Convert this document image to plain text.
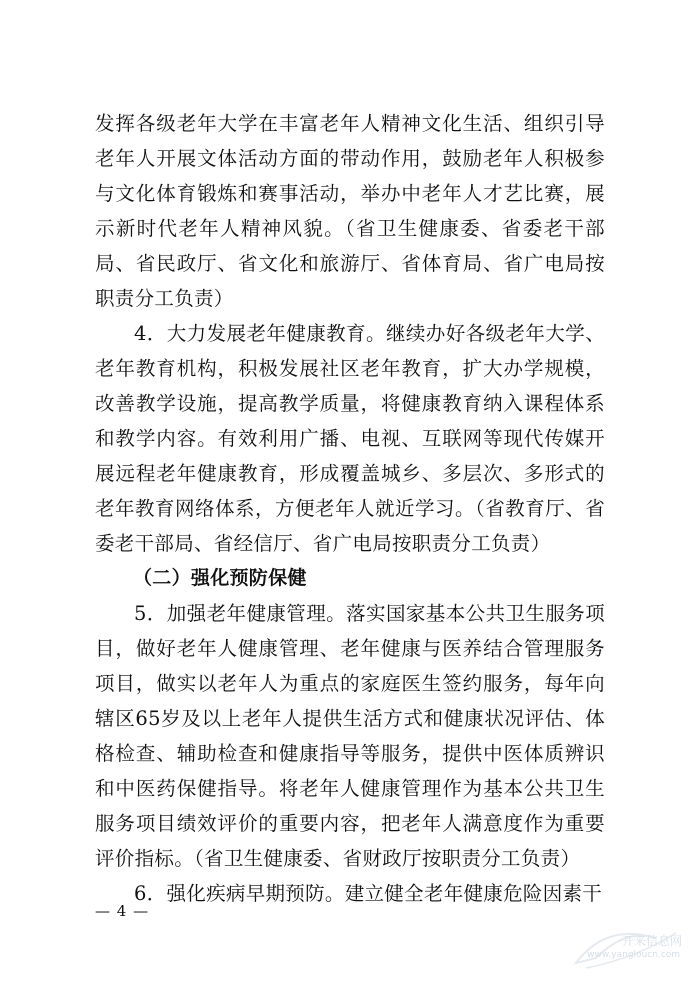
发挥各级老年大学在丰富老年人精神文化生活、组织引导老年人开展文体活动方面的带动作用，鼓励老年人积极参与文化体育锻炼和赛事活动，举办中老年人才艺比赛，展示新时代老年人精神风貌。（省卫生健康委、省委老干部局、省民政厅、省文化和旅游厅、省体育局、省广电局按职责分工负责）

4．大力发展老年健康教育。继续办好各级老年大学、老年教育机构，积极发展社区老年教育，扩大办学规模，改善教学设施，提高教学质量，将健康教育纳入课程体系和教学内容。有效利用广播、电视、互联网等现代传媒开展远程老年健康教育，形成覆盖城乡、多层次、多形式的老年教育网络体系，方便老年人就近学习。（省教育厅、省委老干部局、省经信厅、省广电局按职责分工负责）

（二）强化预防保健

5．加强老年健康管理。落实国家基本公共卫生服务项目，做好老年人健康管理、老年健康与医养结合管理服务项目，做实以老年人为重点的家庭医生签约服务，每年向辖区65岁及以上老年人提供生活方式和健康状况评估、体格检查、辅助检查和健康指导等服务，提供中医体质辨识和中医药保健指导。将老年人健康管理作为基本公共卫生服务项目绩效评价的重要内容，把老年人满意度作为重要评价指标。（省卫生健康委、省财政厅按职责分工负责）

6．强化疾病早期预防。建立健全老年健康危险因素干

— 4 —
开来信息网
www.yangloucn.com
